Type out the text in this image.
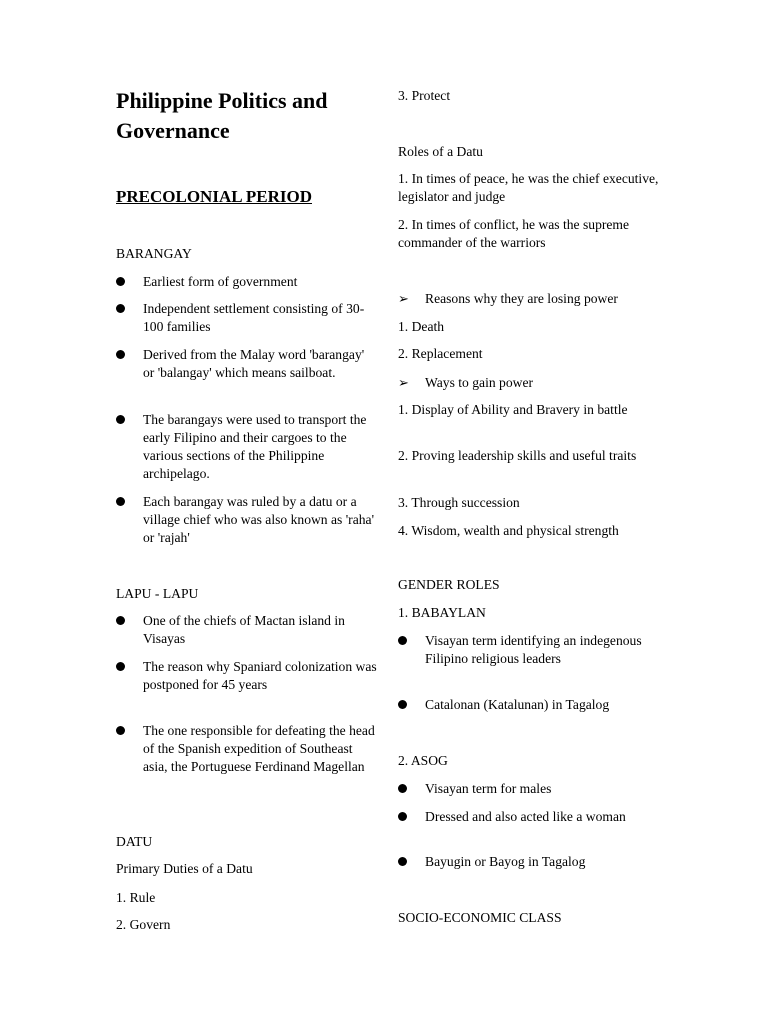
Philippine Politics and Governance

PRECOLONIAL PERIOD

BARANGAY

Earliest form of government
Independent settlement consisting of 30-100 families
Derived from the Malay word 'barangay' or 'balangay' which means sailboat.
The barangays were used to transport the early Filipino and their cargoes to the various sections of the Philippine archipelago.
Each barangay was ruled by a datu or a village chief who was also known as 'raha' or 'rajah'

LAPU - LAPU

One of the chiefs of Mactan island in Visayas
The reason why Spaniard colonization was postponed for 45 years
The one responsible for defeating the head of the Spanish expedition of Southeast asia, the Portuguese Ferdinand Magellan

DATU

Primary Duties of a Datu

1. Rule

2. Govern

3. Protect

Roles of a Datu

1. In times of peace, he was the chief executive, legislator and judge

2. In times of conflict, he was the supreme commander of the warriors

➢ Reasons why they are losing power

1. Death

2. Replacement

➢ Ways to gain power

1. Display of Ability and Bravery in battle

2. Proving leadership skills and useful traits

3. Through succession

4. Wisdom, wealth and physical strength

GENDER ROLES

1. BABAYLAN

Visayan term identifying an indegenous Filipino religious leaders
Catalonan (Katalunan) in Tagalog

2. ASOG

Visayan term for males
Dressed and also acted like a woman
Bayugin or Bayog in Tagalog

SOCIO-ECONOMIC CLASS
